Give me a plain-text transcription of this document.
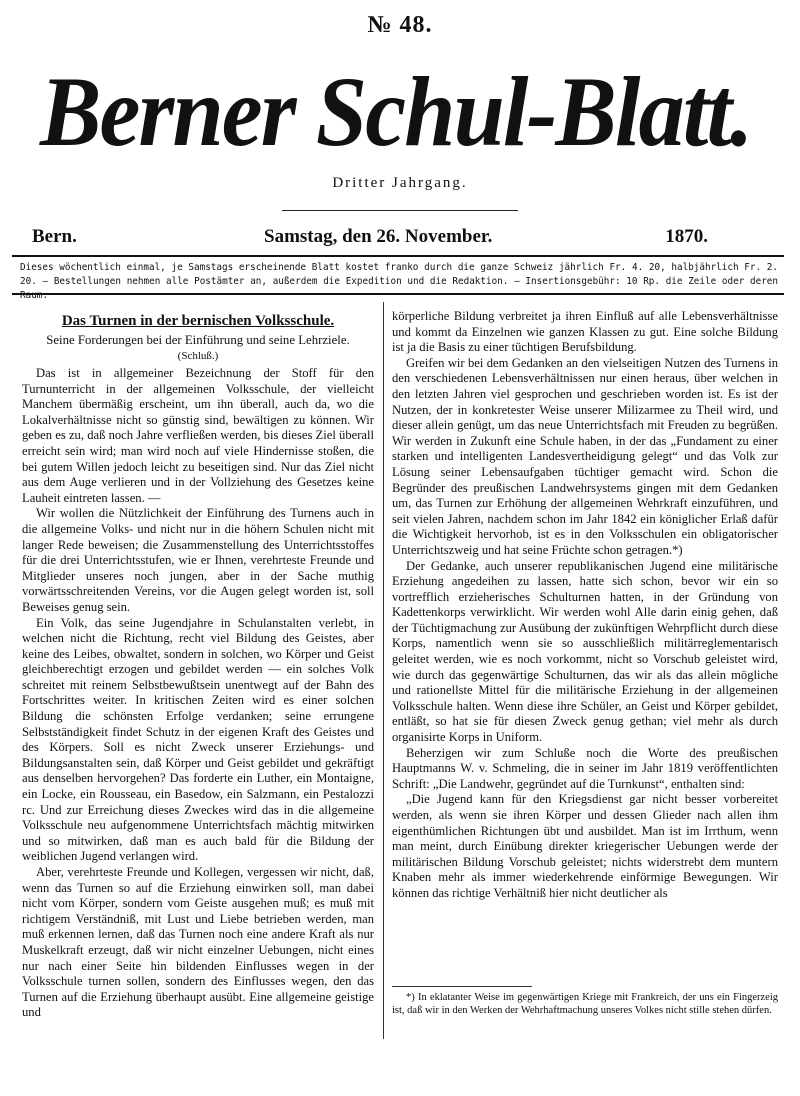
№ 48.
Berner Schul-Blatt.
Dritter Jahrgang.
Bern.	Samstag, den 26. November.	1870.
Dieses wöchentlich einmal, je Samstags erscheinende Blatt kostet franko durch die ganze Schweiz jährlich Fr. 4. 20, halbjährlich Fr. 2. 20. — Bestellungen nehmen alle Postämter an, außerdem die Expedition und die Redaktion. — Insertionsgebühr: 10 Rp. die Zeile oder deren Raum.
Das Turnen in der bernischen Volksschule.
Seine Forderungen bei der Einführung und seine Lehrziele.
(Schluß.)

Das ist in allgemeiner Bezeichnung der Stoff für den Turnunterricht in der allgemeinen Volksschule, der vielleicht Manchem übermäßig erscheint, um ihn überall, auch da, wo die Lokalverhältnisse nicht so günstig sind, bewältigen zu können. Wir geben es zu, daß noch Jahre verfließen werden, bis dieses Ziel überall erreicht sein wird; man wird noch auf viele Hindernisse stoßen, die bei gutem Willen jedoch leicht zu beseitigen sind. Nur das Ziel nicht aus dem Auge verlieren und in der Vollziehung des Gesetzes keine Lauheit eintreten lassen. —

Wir wollen die Nützlichkeit der Einführung des Turnens auch in die allgemeine Volks- und nicht nur in die höhern Schulen nicht mit langer Rede beweisen; die Zusammenstellung des Unterrichtsstoffes für die drei Unterrichtsstufen, wie er Ihnen, verehrteste Freunde und Mitglieder unseres noch jungen, aber in der Sache muthig vorwärtsschreitenden Vereins, vor die Augen gelegt worden ist, soll Beweises genug sein.

Ein Volk, das seine Jugendjahre in Schulanstalten verlebt, in welchen nicht die Richtung, recht viel Bildung des Geistes, aber keine des Leibes, obwaltet, sondern in solchen, wo Körper und Geist gleichberechtigt erzogen und gebildet werden — ein solches Volk schreitet mit reinem Selbstbewußtsein unentwegt auf der Bahn des Fortschrittes weiter. In kritischen Zeiten wird es einer solchen Bildung die schönsten Erfolge verdanken; seine errungene Selbstständigkeit findet Schutz in der eigenen Kraft des Geistes und des Körpers. Soll es nicht Zweck unserer Erziehungs- und Bildungsanstalten sein, daß Körper und Geist gebildet und gekräftigt aus denselben hervorgehen? Das forderte ein Luther, ein Montaigne, ein Locke, ein Rousseau, ein Basedow, ein Salzmann, ein Pestalozzi rc. Und zur Erreichung dieses Zweckes wird das in die allgemeine Volksschule neu aufgenommene Unterrichtsfach mächtig mitwirken und so mitwirken, daß man es auch bald für die Bildung der weiblichen Jugend verlangen wird.

Aber, verehrteste Freunde und Kollegen, vergessen wir nicht, daß, wenn das Turnen so auf die Erziehung einwirken soll, man dabei nicht vom Körper, sondern vom Geiste ausgehen muß; es muß mit richtigem Verständniß, mit Lust und Liebe betrieben werden, man muß erkennen lernen, daß das Turnen noch eine andere Kraft als nur Muskelkraft erzeugt, daß wir nicht einzelner Uebungen, nicht eines nur nach einer Seite hin bildenden Einflusses wegen in der Volksschule turnen sollen, sondern des Einflusses wegen, den das Turnen auf die Erziehung überhaupt ausübt. Eine allgemeine geistige und

körperliche Bildung verbreitet ja ihren Einfluß auf alle Lebensverhältnisse und kommt da Einzelnen wie ganzen Klassen zu gut. Eine solche Bildung ist ja die Basis zu einer tüchtigen Berufsbildung.

Greifen wir bei dem Gedanken an den vielseitigen Nutzen des Turnens in den verschiedenen Lebensverhältnissen nur einen heraus, über welchen in den letzten Jahren viel gesprochen und geschrieben worden ist. Es ist der Nutzen, der in konkretester Weise unserer Milizarmee zu Theil wird, und dieser allein genügt, um das neue Unterrichtsfach mit Freuden zu begrüßen. Wir werden in Zukunft eine Schule haben, in der das „Fundament zu einer starken und intelligenten Landesvertheidigung gelegt“ und das Volk zur Lösung seiner Lebensaufgaben tüchtiger gemacht wird. Schon die Begründer des preußischen Landwehrsystems gingen mit dem Gedanken um, das Turnen zur Erhöhung der allgemeinen Wehrkraft einzuführen, und seit vielen Jahren, nachdem schon im Jahr 1842 ein königlicher Erlaß dafür die Wichtigkeit hervorhob, ist es in den Volksschulen ein obligatorischer Unterrichtszweig und hat seine Früchte schon getragen.*)

Der Gedanke, auch unserer republikanischen Jugend eine militärische Erziehung angedeihen zu lassen, hatte sich schon, bevor wir ein so vortrefflich erzieherisches Schulturnen hatten, in der Gründung von Kadettenkorps verwirklicht. Wir werden wohl Alle darin einig gehen, daß der Tüchtigmachung zur Ausübung der zukünftigen Wehrpflicht durch diese Korps, namentlich wenn sie so ausschließlich militärreglementarisch geleitet werden, wie es noch vorkommt, nicht so Vorschub geleistet wird, wie durch das gegenwärtige Schulturnen, das wir als das allein mögliche und rationellste Mittel für die militärische Erziehung in der allgemeinen Volksschule halten. Wenn diese ihre Schüler, an Geist und Körper gebildet, entläßt, so hat sie für diesen Zweck genug gethan; viel mehr als durch organisirte Korps in Uniform.

Beherzigen wir zum Schluße noch die Worte des preußischen Hauptmanns W. v. Schmeling, die in seiner im Jahr 1819 veröffentlichten Schrift: „Die Landwehr, gegründet auf die Turnkunst“, enthalten sind:

„Die Jugend kann für den Kriegsdienst gar nicht besser vorbereitet werden, als wenn sie ihren Körper und dessen Glieder nach allen ihm eigenthümlichen Richtungen übt und ausbildet. Man ist im Irrthum, wenn man meint, durch Einübung direkter kriegerischer Uebungen werde der militärischen Bildung Vorschub geleistet; nichts widerstrebt dem muntern Knaben mehr als immer wiederkehrende einförmige Bewegungen. Wir können das richtige Verhältniß hier nicht deutlicher als

*) In eklatanter Weise im gegenwärtigen Kriege mit Frankreich, der uns ein Fingerzeig ist, daß wir in den Werken der Wehrhaftmachung unseres Volkes nicht stille stehen dürfen.
